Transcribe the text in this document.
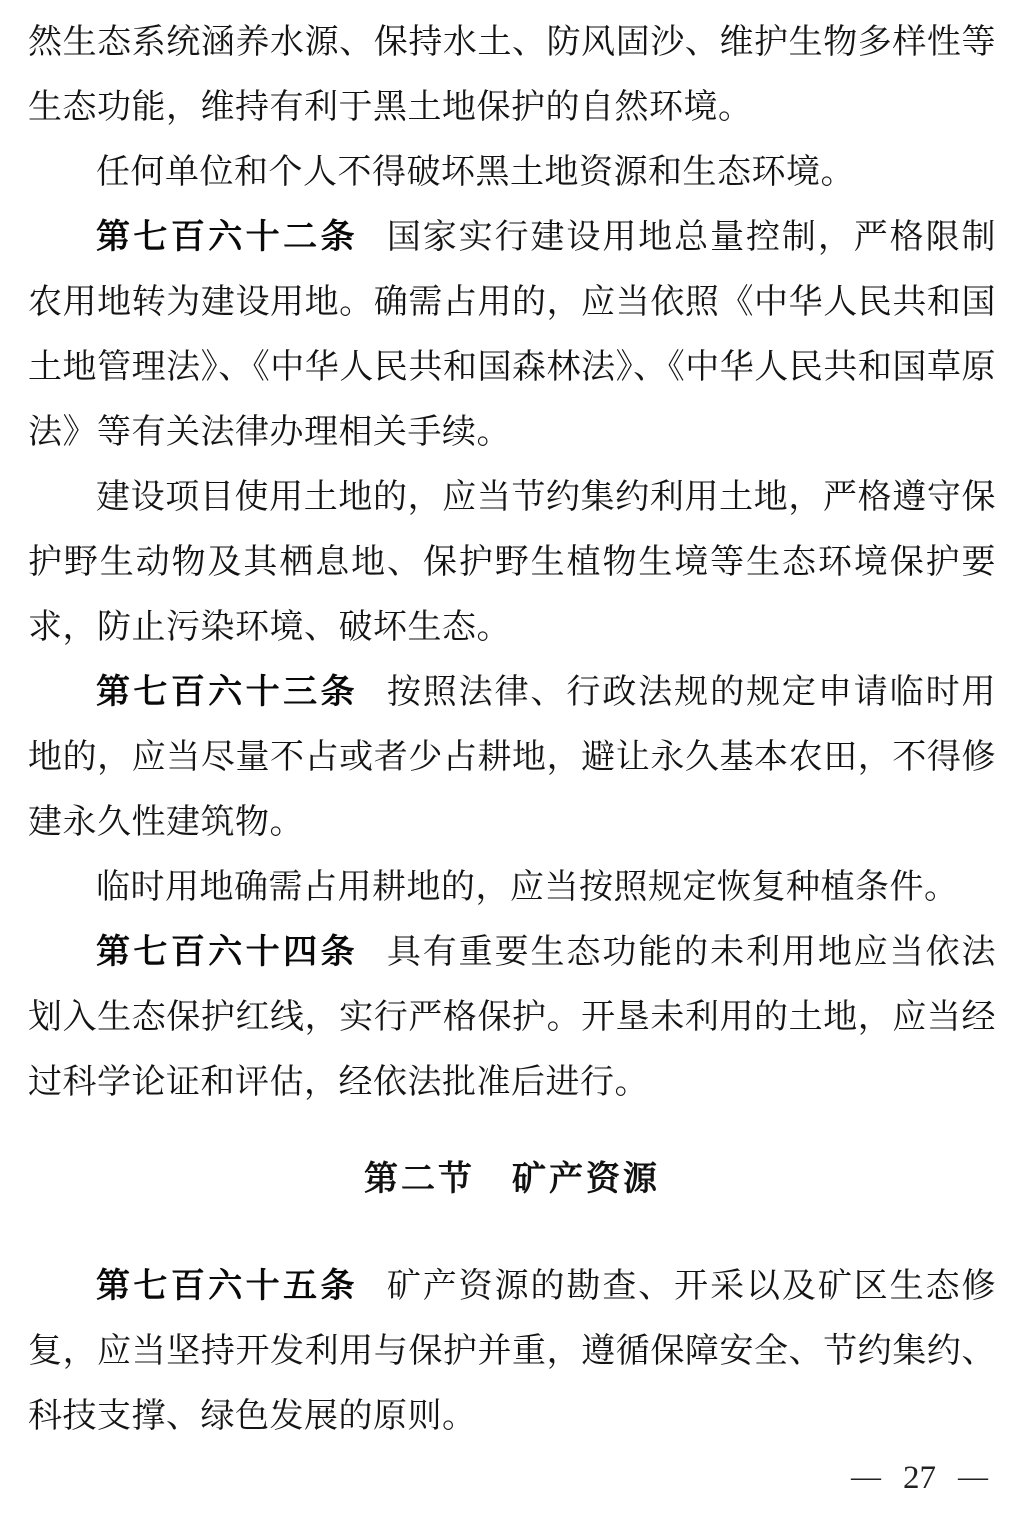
然生态系统涵养水源、保持水土、防风固沙、维护生物多样性等生态功能，维持有利于黑土地保护的自然环境。

任何单位和个人不得破坏黑土地资源和生态环境。

第七百六十二条 国家实行建设用地总量控制，严格限制农用地转为建设用地。确需占用的，应当依照《中华人民共和国土地管理法》、《中华人民共和国森林法》、《中华人民共和国草原法》等有关法律办理相关手续。

建设项目使用土地的，应当节约集约利用土地，严格遵守保护野生动物及其栖息地、保护野生植物生境等生态环境保护要求，防止污染环境、破坏生态。

第七百六十三条 按照法律、行政法规的规定申请临时用地的，应当尽量不占或者少占耕地，避让永久基本农田，不得修建永久性建筑物。

临时用地确需占用耕地的，应当按照规定恢复种植条件。

第七百六十四条 具有重要生态功能的未利用地应当依法划入生态保护红线，实行严格保护。开垦未利用的土地，应当经过科学论证和评估，经依法批准后进行。

第二节　矿产资源

第七百六十五条 矿产资源的勘查、开采以及矿区生态修复，应当坚持开发利用与保护并重，遵循保障安全、节约集约、科技支撑、绿色发展的原则。

— 27 —
